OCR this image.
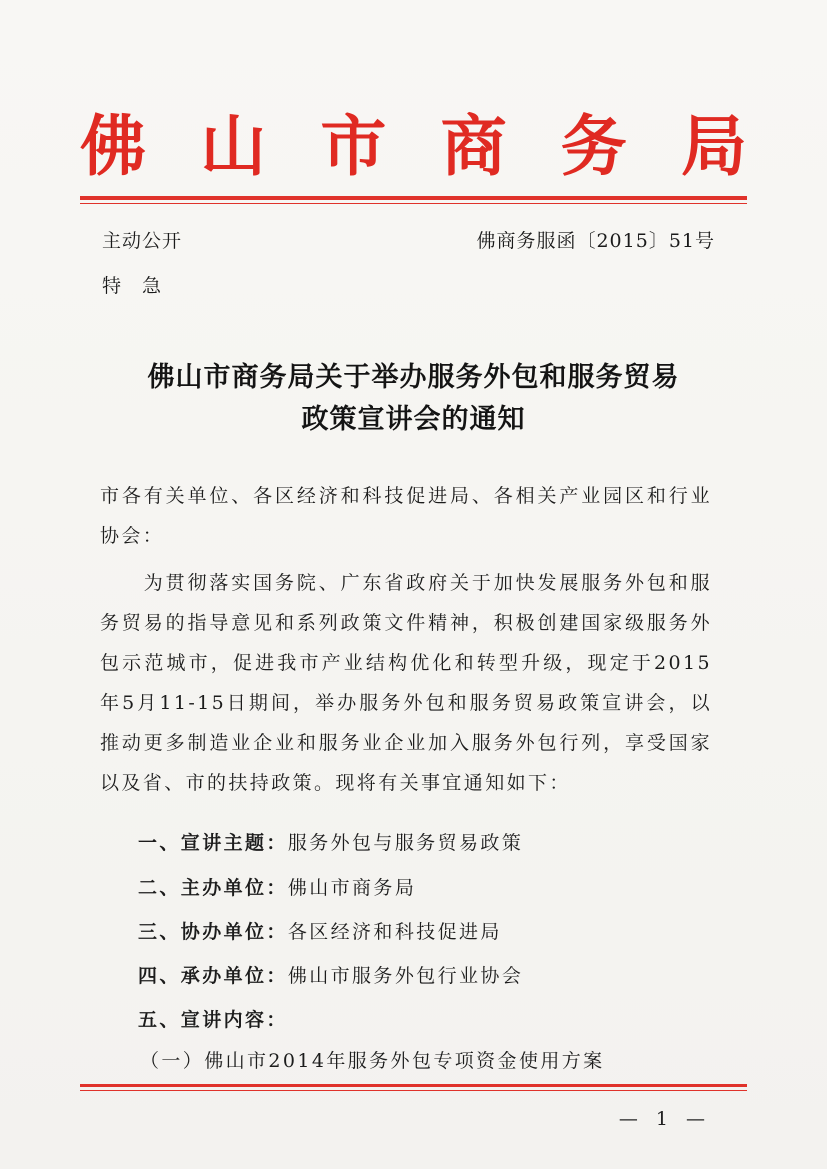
佛 山 市 商 务 局
主动公开
特　急
佛商务服函〔2015〕51号
佛山市商务局关于举办服务外包和服务贸易
政策宣讲会的通知
市各有关单位、各区经济和科技促进局、各相关产业园区和行业协会：
　　为贯彻落实国务院、广东省政府关于加快发展服务外包和服务贸易的指导意见和系列政策文件精神，积极创建国家级服务外包示范城市，促进我市产业结构优化和转型升级，现定于2015年5月11-15日期间，举办服务外包和服务贸易政策宣讲会，以推动更多制造业企业和服务业企业加入服务外包行列，享受国家以及省、市的扶持政策。现将有关事宜通知如下：
一、宣讲主题：服务外包与服务贸易政策
二、主办单位：佛山市商务局
三、协办单位：各区经济和科技促进局
四、承办单位：佛山市服务外包行业协会
五、宣讲内容：
（一）佛山市2014年服务外包专项资金使用方案
— 1 —
